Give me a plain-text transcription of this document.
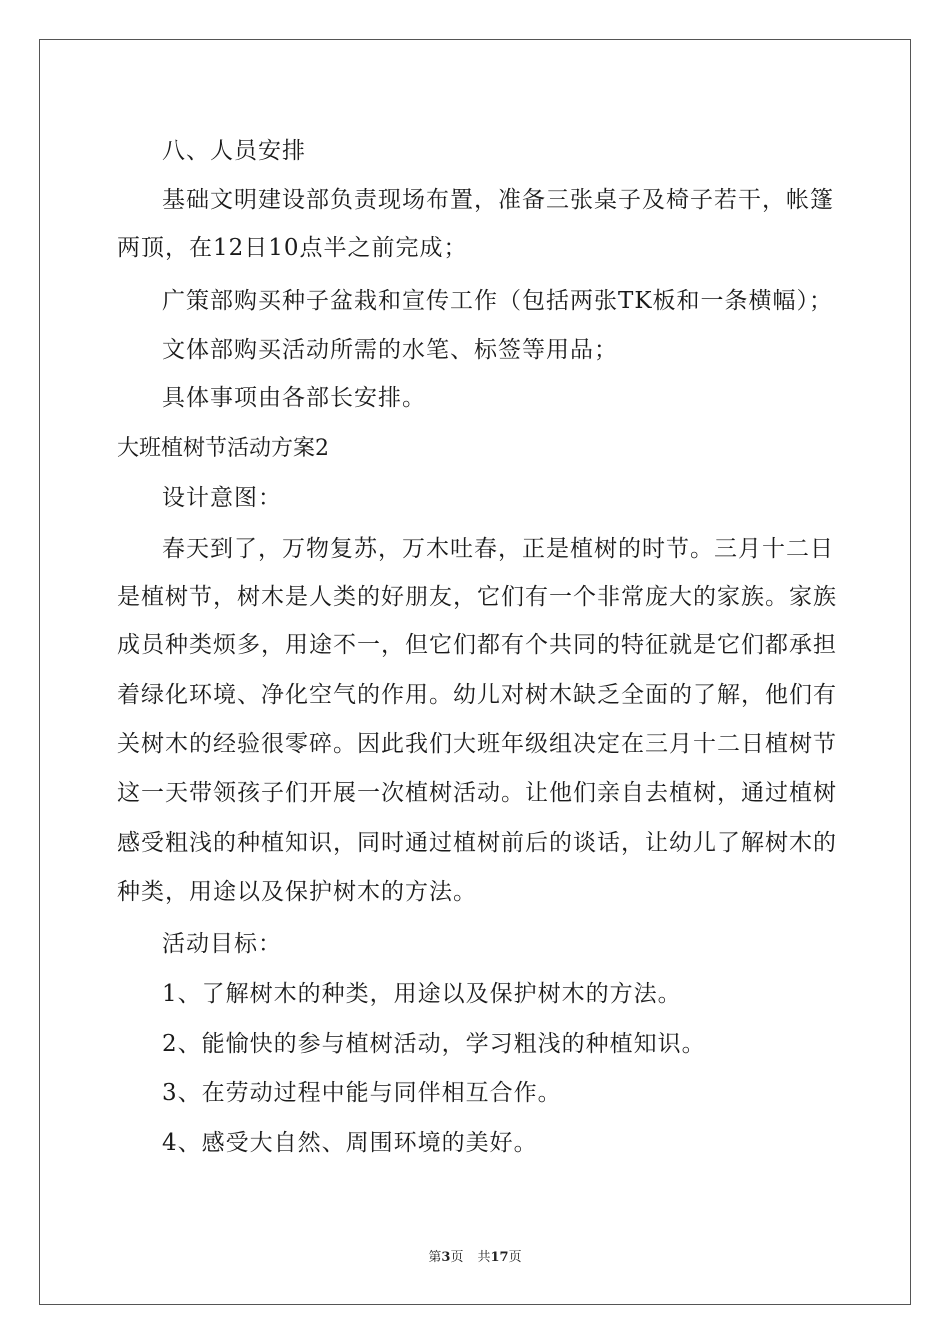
八、人员安排
基础文明建设部负责现场布置，准备三张桌子及椅子若干，帐篷
两顶，在12日10点半之前完成；
广策部购买种子盆栽和宣传工作（包括两张TK板和一条横幅）；
文体部购买活动所需的水笔、标签等用品；
具体事项由各部长安排。
大班植树节活动方案2
设计意图：
春天到了，万物复苏，万木吐春，正是植树的时节。三月十二日
是植树节，树木是人类的好朋友，它们有一个非常庞大的家族。家族
成员种类烦多，用途不一，但它们都有个共同的特征就是它们都承担
着绿化环境、净化空气的作用。幼儿对树木缺乏全面的了解，他们有
关树木的经验很零碎。因此我们大班年级组决定在三月十二日植树节
这一天带领孩子们开展一次植树活动。让他们亲自去植树，通过植树
感受粗浅的种植知识，同时通过植树前后的谈话，让幼儿了解树木的
种类，用途以及保护树木的方法。
活动目标：
1、了解树木的种类，用途以及保护树木的方法。
2、能愉快的参与植树活动，学习粗浅的种植知识。
3、在劳动过程中能与同伴相互合作。
4、感受大自然、周围环境的美好。
第3页 共17页
